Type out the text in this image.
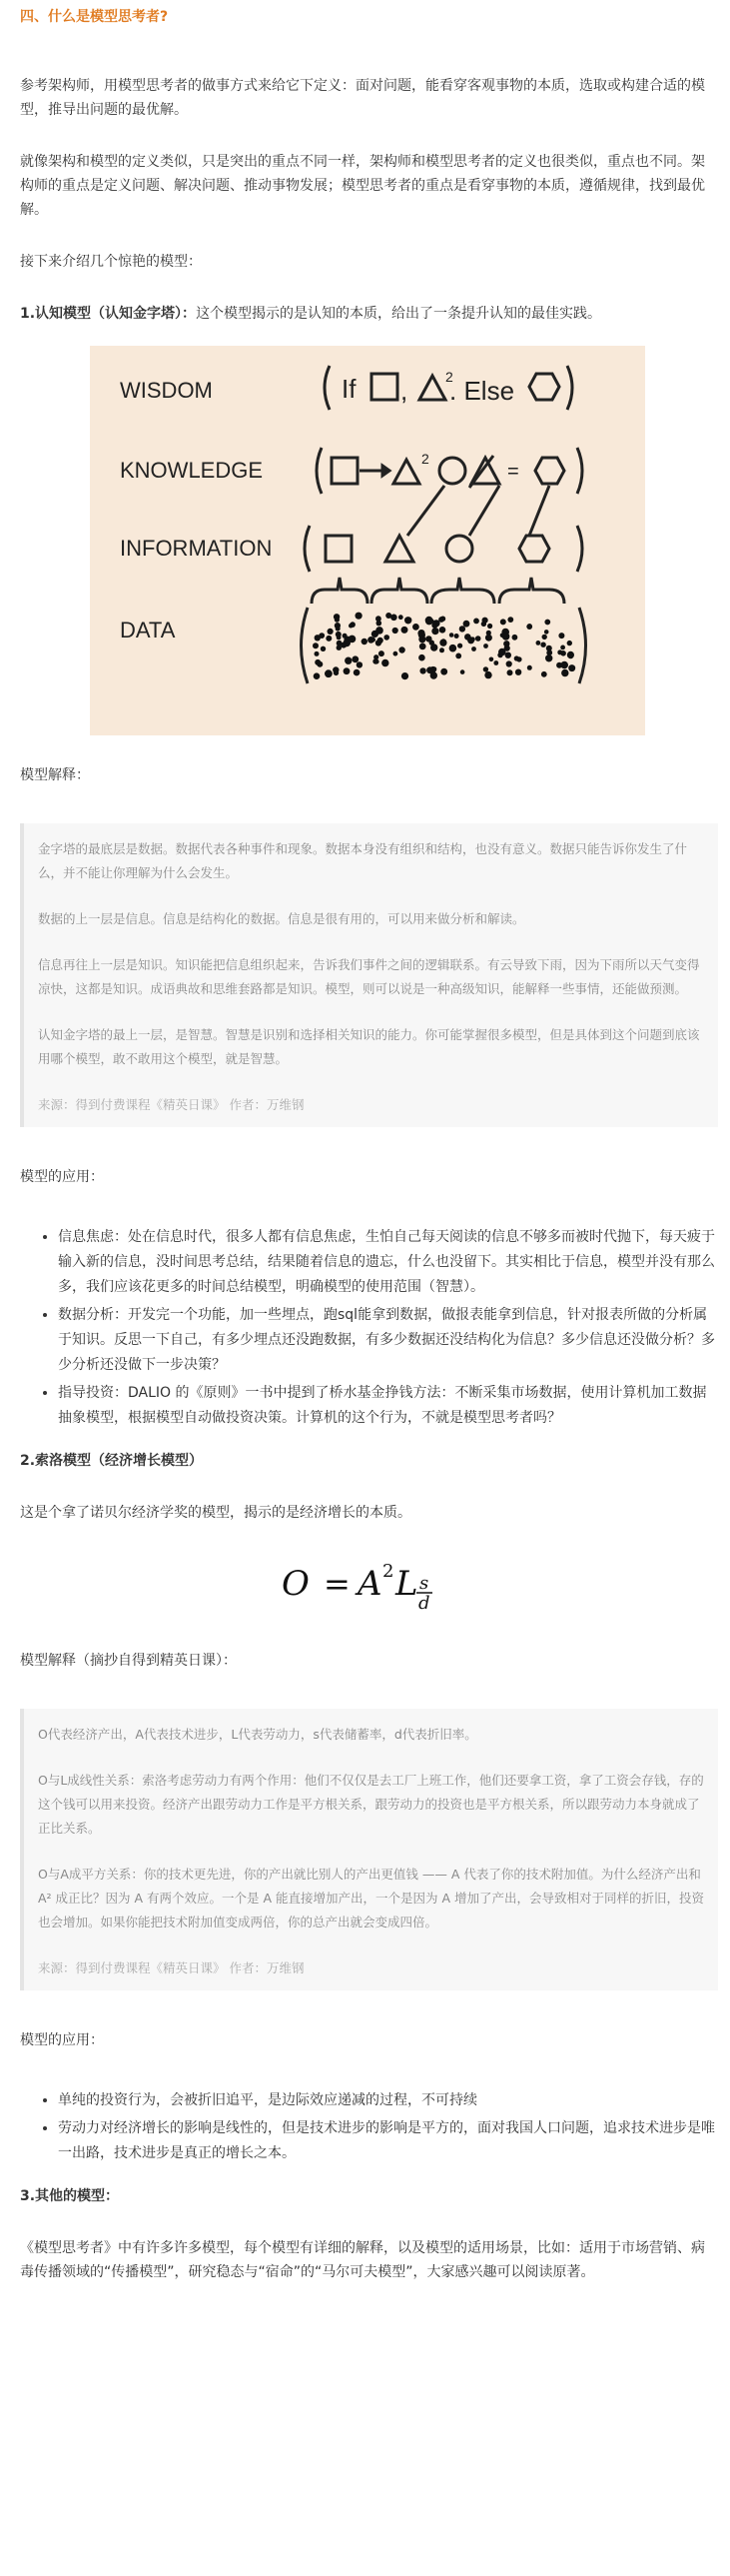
四、什么是模型思考者?

参考架构师，用模型思考者的做事方式来给它下定义：面对问题，能看穿客观事物的本质，选取或构建合适的模型，推导出问题的最优解。

就像架构和模型的定义类似，只是突出的重点不同一样，架构师和模型思考者的定义也很类似，重点也不同。架构师的重点是定义问题、解决问题、推动事物发展；模型思考者的重点是看穿事物的本质，遵循规律，找到最优解。

接下来介绍几个惊艳的模型：

1.认知模型（认知金字塔）：这个模型揭示的是认知的本质，给出了一条提升认知的最佳实践。

WISDOM
KNOWLEDGE
INFORMATION
DATA
If ,	2
. Else
2
=
模型解释：

金字塔的最底层是数据。数据代表各种事件和现象。数据本身没有组织和结构，也没有意义。数据只能告诉你发生了什么，并不能让你理解为什么会发生。

数据的上一层是信息。信息是结构化的数据。信息是很有用的，可以用来做分析和解读。

信息再往上一层是知识。知识能把信息组织起来，告诉我们事件之间的逻辑联系。有云导致下雨，因为下雨所以天气变得凉快，这都是知识。成语典故和思维套路都是知识。模型，则可以说是一种高级知识，能解释一些事情，还能做预测。

认知金字塔的最上一层，是智慧。智慧是识别和选择相关知识的能力。你可能掌握很多模型，但是具体到这个问题到底该用哪个模型，敢不敢用这个模型，就是智慧。

来源：得到付费课程《精英日课》 作者：万维钢

模型的应用：
• 信息焦虑：处在信息时代，很多人都有信息焦虑，生怕自己每天阅读的信息不够多而被时代抛下，每天疲于输入新的信息，没时间思考总结，结果随着信息的遗忘，什么也没留下。其实相比于信息，模型并没有那么多，我们应该花更多的时间总结模型，明确模型的使用范围（智慧）。
• 数据分析：开发完一个功能，加一些埋点，跑sql能拿到数据，做报表能拿到信息，针对报表所做的分析属于知识。反思一下自己，有多少埋点还没跑数据，有多少数据还没结构化为信息？多少信息还没做分析？多少分析还没做下一步决策？
• 指导投资：DALIO 的《原则》一书中提到了桥水基金挣钱方法：不断采集市场数据，使用计算机加工数据抽象模型，根据模型自动做投资决策。计算机的这个行为，不就是模型思考者吗？

2.索洛模型（经济增长模型）

这是个拿了诺贝尔经济学奖的模型，揭示的是经济增长的本质。

O = A 2 L s
d
模型解释（摘抄自得到精英日课）：

O代表经济产出，A代表技术进步，L代表劳动力，s代表储蓄率，d代表折旧率。

O与L成线性关系：索洛考虑劳动力有两个作用：他们不仅仅是去工厂上班工作，他们还要拿工资，拿了工资会存钱，存的这个钱可以用来投资。经济产出跟劳动力工作是平方根关系，跟劳动力的投资也是平方根关系，所以跟劳动力本身就成了正比关系。

O与A成平方关系：你的技术更先进，你的产出就比别人的产出更值钱 —— A 代表了你的技术附加值。为什么经济产出和 A² 成正比？因为 A 有两个效应。一个是 A 能直接增加产出，一个是因为 A 增加了产出，会导致相对于同样的折旧，投资也会增加。如果你能把技术附加值变成两倍，你的总产出就会变成四倍。

来源：得到付费课程《精英日课》 作者：万维钢

模型的应用：
• 单纯的投资行为，会被折旧追平，是边际效应递减的过程，不可持续
• 劳动力对经济增长的影响是线性的，但是技术进步的影响是平方的，面对我国人口问题，追求技术进步是唯一出路，技术进步是真正的增长之本。

3.其他的模型：

《模型思考者》中有许多许多模型，每个模型有详细的解释，以及模型的适用场景，比如：适用于市场营销、病毒传播领域的“传播模型”，研究稳态与“宿命”的“马尔可夫模型”，大家感兴趣可以阅读原著。
